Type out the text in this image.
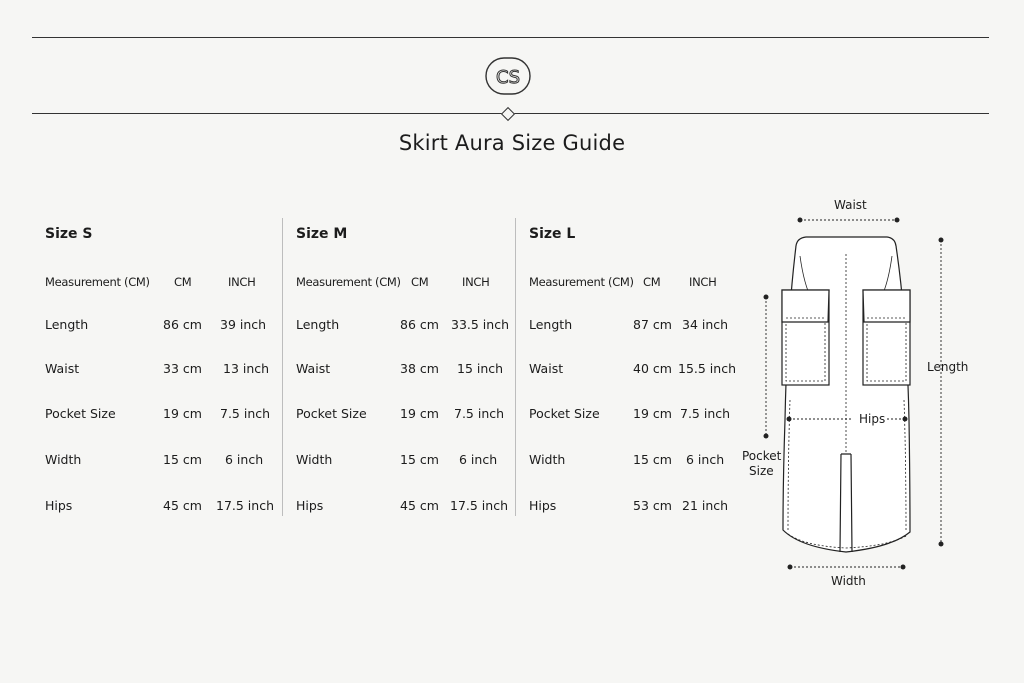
CS
Skirt Aura Size Guide
Size S
Measurement (CM) CM	INCH
Length	86 cm 39 inch
Waist	33 cm 13 inch
Pocket Size	19 cm 7.5 inch
Width	15 cm 6 inch
Hips	45 cm 17.5 inch
Size M
Measurement (CM) CM	INCH
Length	86 cm 33.5 inch
Waist	38 cm 15 inch
Pocket Size	19 cm 7.5 inch
Width	15 cm 6 inch
Hips	45 cm 17.5 inch
Size L
Measurement (CM) CM INCH
Length	87 cm 34 inch
Waist	40 cm 15.5 inch
Pocket Size	19 cm 7.5 inch
Width	15 cm 6 inch
Hips	53 cm 21 inch
Waist
Length
Hips
Pocket
Size
Width
